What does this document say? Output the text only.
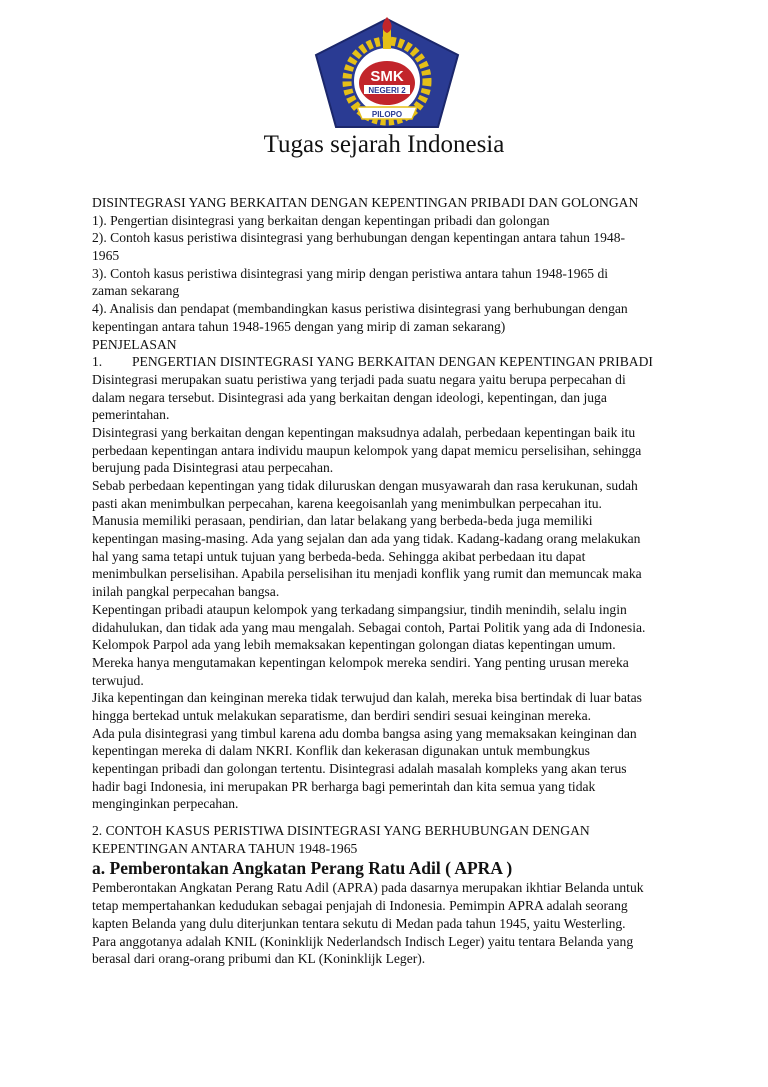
SMK
NEGERI 2
PILOPO
Tugas sejarah Indonesia
DISINTEGRASI YANG BERKAITAN DENGAN KEPENTINGAN PRIBADI DAN GOLONGAN
1). Pengertian disintegrasi yang berkaitan dengan kepentingan pribadi dan golongan
2). Contoh kasus peristiwa disintegrasi yang berhubungan dengan kepentingan antara tahun 1948-
1965
3). Contoh kasus peristiwa disintegrasi yang mirip dengan peristiwa antara tahun 1948-1965 di
zaman sekarang
4). Analisis dan pendapat (membandingkan kasus peristiwa disintegrasi yang berhubungan dengan
kepentingan antara tahun 1948-1965 dengan yang mirip di zaman sekarang)
PENJELASAN
1. PENGERTIAN DISINTEGRASI YANG BERKAITAN DENGAN KEPENTINGAN PRIBADI
Disintegrasi merupakan suatu peristiwa yang terjadi pada suatu negara yaitu berupa perpecahan di
dalam negara tersebut. Disintegrasi ada yang berkaitan dengan ideologi, kepentingan, dan juga
pemerintahan.
Disintegrasi yang berkaitan dengan kepentingan maksudnya adalah, perbedaan kepentingan baik itu
perbedaan kepentingan antara individu maupun kelompok yang dapat memicu perselisihan, sehingga
berujung pada Disintegrasi atau perpecahan.
Sebab perbedaan kepentingan yang tidak diluruskan dengan musyawarah dan rasa kerukunan, sudah
pasti akan menimbulkan perpecahan, karena keegoisanlah yang menimbulkan perpecahan itu.
Manusia memiliki perasaan, pendirian, dan latar belakang yang berbeda-beda juga memiliki
kepentingan masing-masing. Ada yang sejalan dan ada yang tidak. Kadang-kadang orang melakukan
hal yang sama tetapi untuk tujuan yang berbeda-beda. Sehingga akibat perbedaan itu dapat
menimbulkan perselisihan. Apabila perselisihan itu menjadi konflik yang rumit dan memuncak maka
inilah pangkal perpecahan bangsa.
Kepentingan pribadi ataupun kelompok yang terkadang simpangsiur, tindih menindih, selalu ingin
didahulukan, dan tidak ada yang mau mengalah. Sebagai contoh, Partai Politik yang ada di Indonesia.
Kelompok Parpol ada yang lebih memaksakan kepentingan golongan diatas kepentingan umum.
Mereka hanya mengutamakan kepentingan kelompok mereka sendiri. Yang penting urusan mereka
terwujud.
Jika kepentingan dan keinginan mereka tidak terwujud dan kalah, mereka bisa bertindak di luar batas
hingga bertekad untuk melakukan separatisme, dan berdiri sendiri sesuai keinginan mereka.
Ada pula disintegrasi yang timbul karena adu domba bangsa asing yang memaksakan keinginan dan
kepentingan mereka di dalam NKRI. Konflik dan kekerasan digunakan untuk membungkus
kepentingan pribadi dan golongan tertentu. Disintegrasi adalah masalah kompleks yang akan terus
hadir bagi Indonesia, ini merupakan PR berharga bagi pemerintah dan kita semua yang tidak
menginginkan perpecahan.
2. CONTOH KASUS PERISTIWA DISINTEGRASI YANG BERHUBUNGAN DENGAN
KEPENTINGAN ANTARA TAHUN 1948-1965
a. Pemberontakan Angkatan Perang Ratu Adil ( APRA )
Pemberontakan Angkatan Perang Ratu Adil (APRA) pada dasarnya merupakan ikhtiar Belanda untuk
tetap mempertahankan kedudukan sebagai penjajah di Indonesia. Pemimpin APRA adalah seorang
kapten Belanda yang dulu diterjunkan tentara sekutu di Medan pada tahun 1945, yaitu Westerling.
Para anggotanya adalah KNIL (Koninklijk Nederlandsch Indisch Leger) yaitu tentara Belanda yang
berasal dari orang-orang pribumi dan KL (Koninklijk Leger).
